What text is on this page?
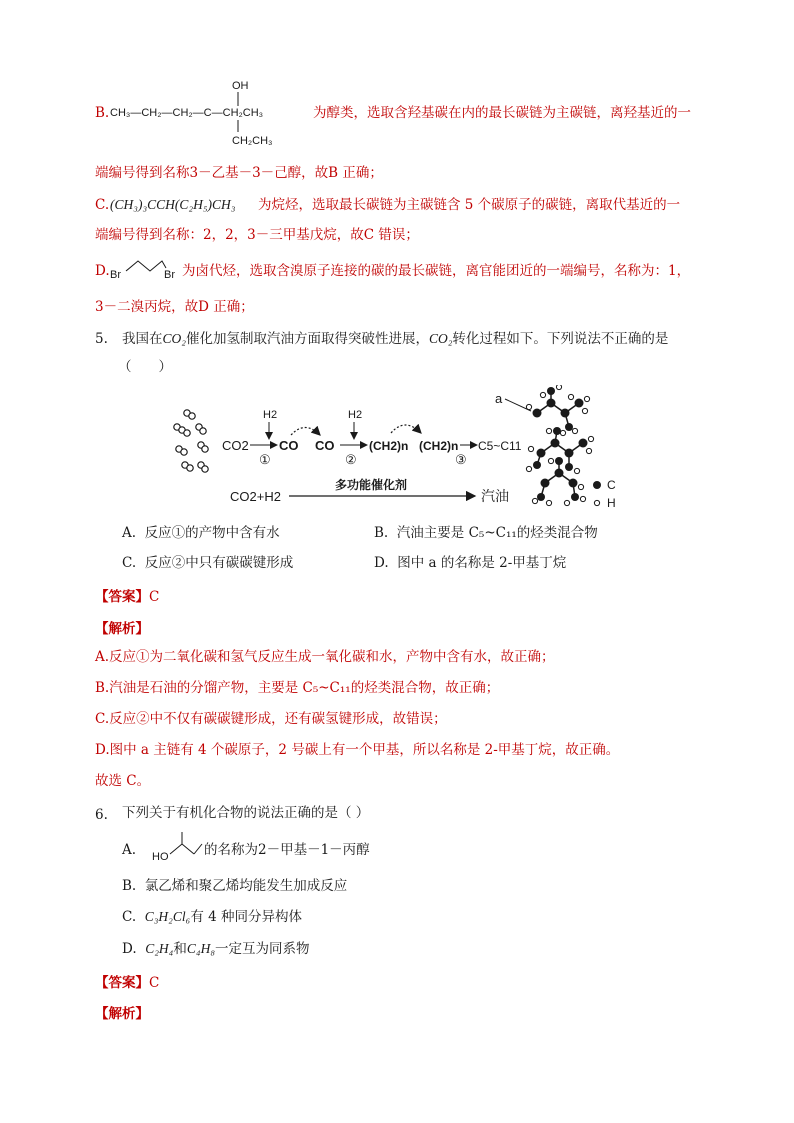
B.
OH
CH₃—CH₂—CH₂—C—CH₂CH₃
CH₂CH₃
为醇类，选取含羟基碳在内的最长碳链为主碳链，离羟基近的一
端编号得到名称3－乙基－3－己醇，故B 正确；
C. (CH₃)₃CCH(C₂H₅)CH₃ 为烷烃，选取最长碳链为主碳链含 5 个碳原子的碳链，离取代基近的一
端编号得到名称：2，2，3－三甲基戊烷，故C 错误；
D. Br	Br 为卤代烃，选取含溴原子连接的碳的最长碳链，离官能团近的一端编号，名称为：1，
3－二溴丙烷，故D 正确；
5. 我国在CO₂催化加氢制取汽油方面取得突破性进展，CO₂转化过程如下。下列说法不正确的是
（　　）
CO2
H2
①
CO CO
H2
②
(CH2)n (CH2)n
③
C5~C11
CO2+H2
多功能催化剂
汽油
a
C
H
A. 反应①的产物中含有水	B. 汽油主要是 C₅~C₁₁的烃类混合物
C. 反应②中只有碳碳键形成	D. 图中 a 的名称是 2-甲基丁烷
【答案】C
【解析】
A.反应①为二氧化碳和氢气反应生成一氧化碳和水，产物中含有水，故正确；
B.汽油是石油的分馏产物，主要是 C₅~C₁₁的烃类混合物，故正确；
C.反应②中不仅有碳碳键形成，还有碳氢键形成，故错误；
D.图中 a 主链有 4 个碳原子，2 号碳上有一个甲基，所以名称是 2-甲基丁烷，故正确。
故选 C。
6. 下列关于有机化合物的说法正确的是（ ）
A. HO	的名称为2－甲基－1－丙醇
B. 氯乙烯和聚乙烯均能发生加成反应
C. C₃H₂Cl₆有 4 种同分异构体
D. C₂H₄和C₄H₈一定互为同系物
【答案】C
【解析】
